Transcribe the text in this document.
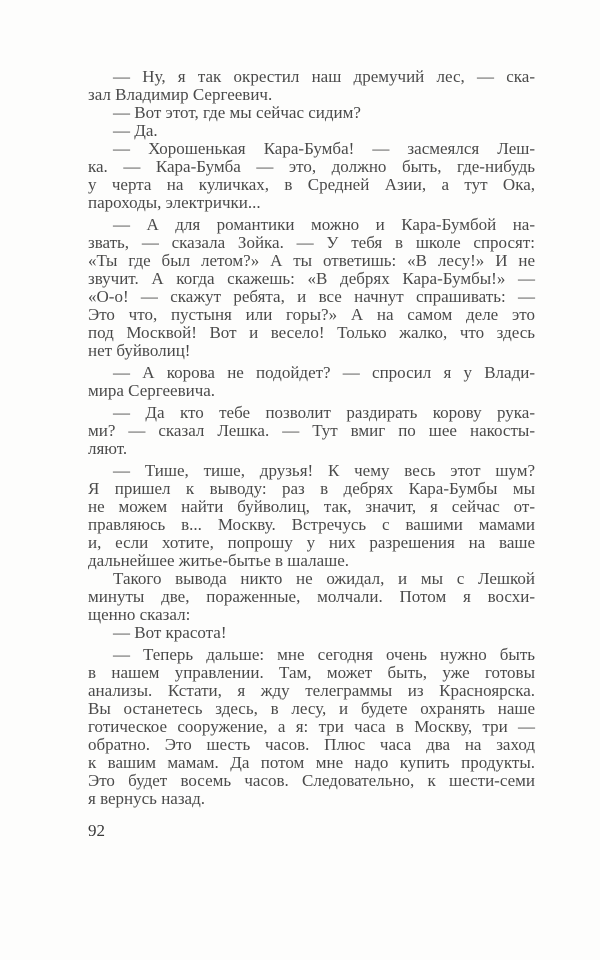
— Ну, я так окрестил наш дремучий лес, — ска-
зал Владимир Сергеевич.
— Вот этот, где мы сейчас сидим?
— Да.
— Хорошенькая Кара-Бумба! — засмеялся Леш-
ка. — Кара-Бумба — это, должно быть, где-нибудь
у черта на куличках, в Средней Азии, а тут Ока,
пароходы, электрички...
— А для романтики можно и Кара-Бумбой на-
звать, — сказала Зойка. — У тебя в школе спросят:
«Ты где был летом?» А ты ответишь: «В лесу!» И не
звучит. А когда скажешь: «В дебрях Кара-Бумбы!» —
«О-о! — скажут ребята, и все начнут спрашивать: —
Это что, пустыня или горы?» А на самом деле это
под Москвой! Вот и весело! Только жалко, что здесь
нет буйволиц!
— А корова не подойдет? — спросил я у Влади-
мира Сергеевича.
— Да кто тебе позволит раздирать корову рука-
ми? — сказал Лешка. — Тут вмиг по шее накосты-
ляют.
— Тише, тише, друзья! К чему весь этот шум?
Я пришел к выводу: раз в дебрях Кара-Бумбы мы
не можем найти буйволиц, так, значит, я сейчас от-
правляюсь в... Москву. Встречусь с вашими мамами
и, если хотите, попрошу у них разрешения на ваше
дальнейшее житье-бытье в шалаше.
Такого вывода никто не ожидал, и мы с Лешкой
минуты две, пораженные, молчали. Потом я восхи-
щенно сказал:
— Вот красота!
— Теперь дальше: мне сегодня очень нужно быть
в нашем управлении. Там, может быть, уже готовы
анализы. Кстати, я жду телеграммы из Красноярска.
Вы останетесь здесь, в лесу, и будете охранять наше
готическое сооружение, а я: три часа в Москву, три —
обратно. Это шесть часов. Плюс часа два на заход
к вашим мамам. Да потом мне надо купить продукты.
Это будет восемь часов. Следовательно, к шести-семи
я вернусь назад.
92
